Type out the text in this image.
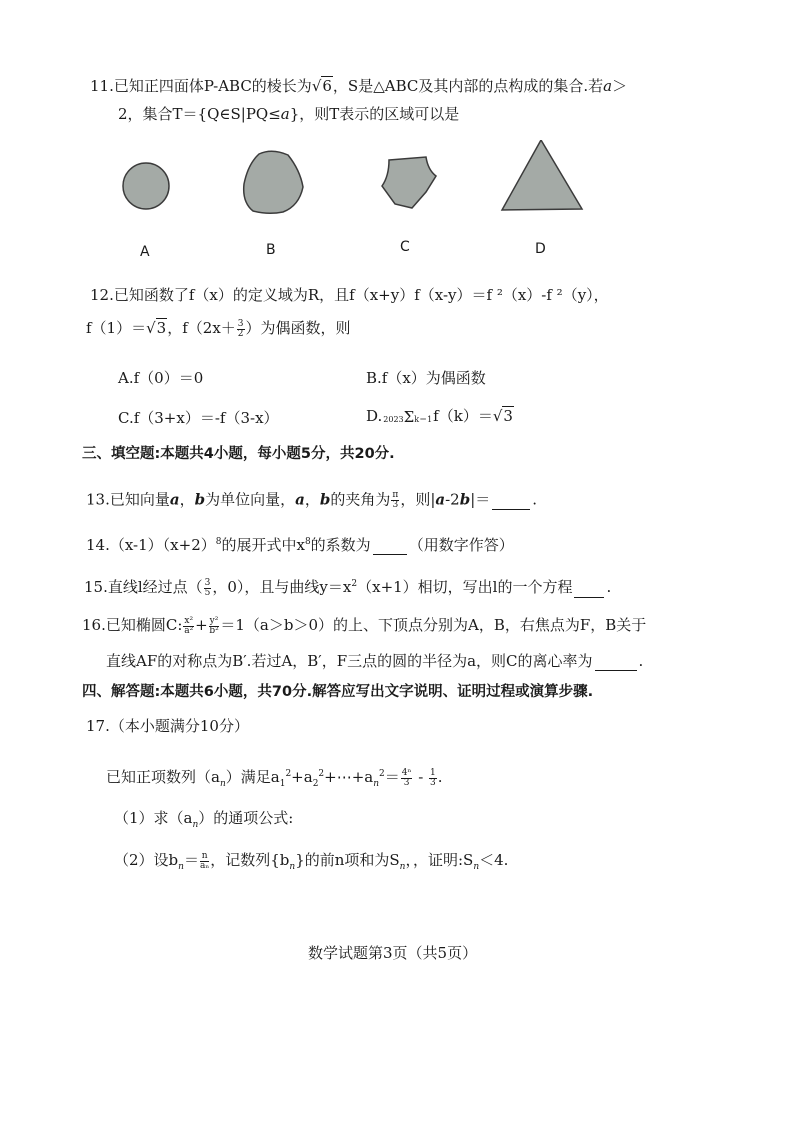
11.已知正四面体P-ABC的棱长为√6，S是△ABC及其内部的点构成的集合.若a＞
2，集合T＝{Q∈S|PQ≤a}，则T表示的区域可以是
A	B	C	D
12.已知函数了f（x）的定义域为R，且f（x+y）f（x-y）＝f ²（x）-f ²（y），
f（1）＝√3，$f(2x+ \frac{3}{2}$ ）为偶函数，则
A.f（0）＝0	B.f（x）为偶函数
C.f（3+x）＝-f（3-x）	D.2023Σk＝1f（k）＝√3
三、填空题:本题共4小题，每小题5分，共20分.
13.已知向量a，b为单位向量，a，b的夹角为 $\frac{\pi}{3}$ ，则|a-2b|＝	.
$14.(x-1)(x+2)^8$的展开式中$x^8$的系数为	（用数字作答）
15.直线l经过点（ $\frac{3}{5}$ ，0），且与曲线$y=x^2(x+1)$相切，写出l的一个方程 .
16.已知椭圆C: $\frac{\text{x²}}{\text{a²}} + \frac{\text{y²}}{\text{b²}} =1(a>b>0)$的上、下顶点分别为A，B，右焦点为F，B关于
直线AF的对称点为B′.若过A，B′，F三点的圆的半径为a，则C的离心率为	.
四、解答题:本题共6小题，共70分.解答应写出文字说明、证明过程或演算步骤.
17.（本小题满分10分）
已知正项数列$(a_n)$满足$a_1^2+a_2^2+\cdots+a_n^2= \frac{\text{4ⁿ}}{3} - \frac{1}{3}$ .
（1）求$(a_n)$的通项公式:
（2）设$b_n= \frac{n}{\text{aₙ}}$ ，记数列$\{b_n\}$的前n项和为$S_n$，，证明$:S_n<4$.
数学试题第3页（共5页）
